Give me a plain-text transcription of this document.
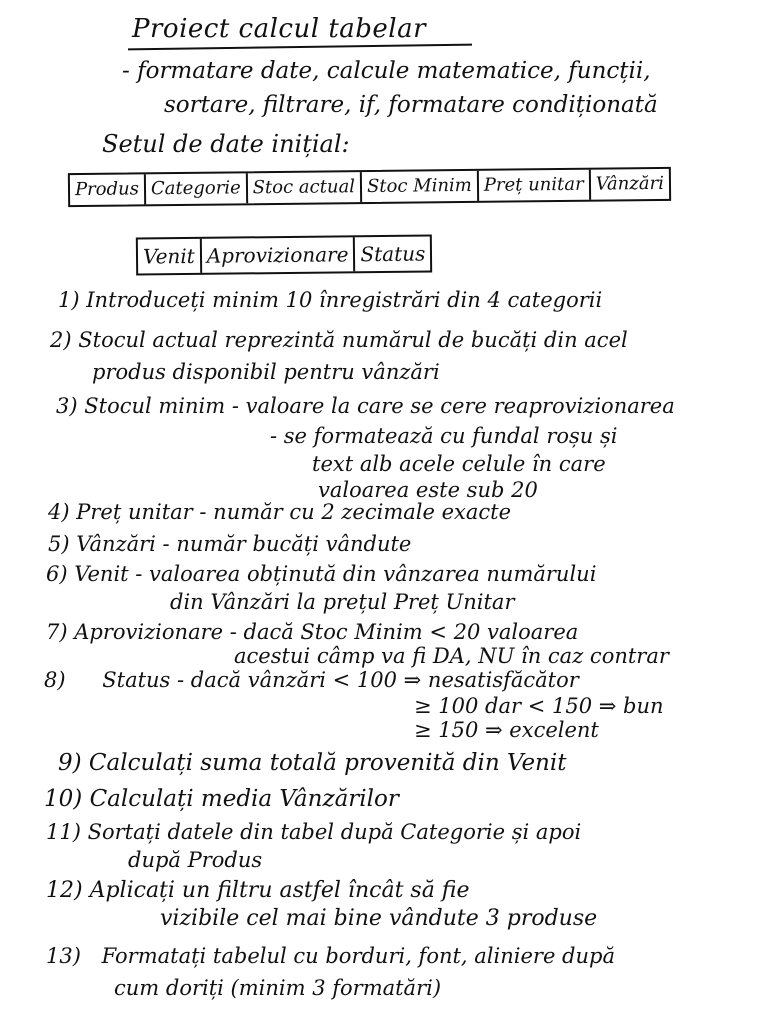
Proiect calcul tabelar
- formatare date, calcule matematice, funcții,
sortare, filtrare, if, formatare condiționată
Setul de date inițial:
Produs Categorie Stoc actual Stoc Minim Preț unitar Vânzări
Venit Aprovizionare Status
1) Introduceți minim 10 înregistrări din 4 categorii
2) Stocul actual reprezintă numărul de bucăți din acel
produs disponibil pentru vânzări
3) Stocul minim - valoare la care se cere reaprovizionarea
- se formatează cu fundal roșu și
text alb acele celule în care
valoarea este sub 20
4) Preț unitar - număr cu 2 zecimale exacte
5) Vânzări - număr bucăți vândute
6) Venit - valoarea obținută din vânzarea numărului
din Vânzări la prețul Preț Unitar
7) Aprovizionare - dacă Stoc Minim < 20 valoarea
acestui câmp va fi DA, NU în caz contrar
8) Status - dacă vânzări < 100 ⇒ nesatisfăcător
≥ 100 dar < 150 ⇒ bun
≥ 150 ⇒ excelent
9) Calculați suma totală provenită din Venit
10) Calculați media Vânzărilor
11) Sortați datele din tabel după Categorie și apoi
după Produs
12) Aplicați un filtru astfel încât să fie
vizibile cel mai bine vândute 3 produse
13) Formatați tabelul cu borduri, font, aliniere după
cum doriți (minim 3 formatări)
